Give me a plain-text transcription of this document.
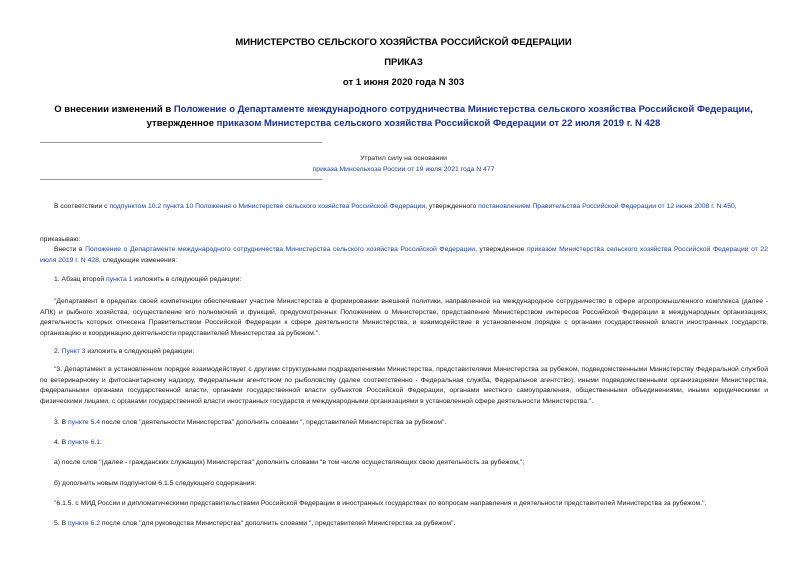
МИНИСТЕРСТВО СЕЛЬСКОГО ХОЗЯЙСТВА РОССИЙСКОЙ ФЕДЕРАЦИИ
ПРИКАЗ
от 1 июня 2020 года N 303
О внесении изменений в Положение о Департаменте международного сотрудничества Министерства сельского хозяйства Российской Федерации, утвержденное приказом Министерства сельского хозяйства Российской Федерации от 22 июля 2019 г. N 428
Утратил силу на основании
приказа Минсельхоза России от 19 июля 2021 года N 477
В соответствии с подпунктом 10.2 пункта 10 Положения о Министерстве сельского хозяйства Российской Федерации, утвержденного постановлением Правительства Российской Федерации от 12 июня 2008 г. N 450,
приказываю:
Внести в Положение о Департаменте международного сотрудничества Министерства сельского хозяйства Российской Федерации, утвержденное приказом Министерства сельского хозяйства Российской Федерации от 22 июля 2019 г. N 428, следующие изменения:
1. Абзац второй пункта 1 изложить в следующей редакции:
"Департамент в пределах своей компетенции обеспечивает участие Министерства в формировании внешней политики, направленной на международное сотрудничество в сфере агропромышленного комплекса (далее - АПК) и рыбного хозяйства, осуществление его полномочий и функций, предусмотренных Положением о Министерстве, представление Министерством интересов Российской Федерации в международных организациях, деятельность которых отнесена Правительством Российской Федерации к сфере деятельности Министерства, и взаимодействие в установленном порядке с органами государственной власти иностранных государств, организацию и координацию деятельности представителей Министерства за рубежом.".
2. Пункт 3 изложить в следующей редакции:
"3. Департамент в установленном порядке взаимодействует с другими структурными подразделениями Министерства, представителями Министерства за рубежом, подведомственными Министерству Федеральной службой по ветеринарному и фитосанитарному надзору, Федеральным агентством по рыболовству (далее соответственно - Федеральная служба, Федеральное агентство), иными подведомственными организациями Министерства, федеральными органами государственной власти, органами государственной власти субъектов Российской Федерации, органами местного самоуправления, общественными объединениями, иными юридическими и физическими лицами, с органами государственной власти иностранных государств и международными организациями в установленной сфере деятельности Министерства.".
3. В пункте 5.4 после слов "деятельности Министерства" дополнить словами ", представителей Министерства за рубежом".
4. В пункте 6.1:
а) после слов "(далее - гражданских служащих) Министерства" дополнить словами "в том числе осуществляющих свою деятельность за рубежом,";
б) дополнить новым подпунктом 6.1.5 следующего содержания:
"6.1.5. с МИД России и дипломатическими представительствами Российской Федерации в иностранных государствах по вопросам направления и деятельности представителей Министерства за рубежом.".
5. В пункте 6.2 после слов "для руководства Министерства" дополнить словами ", представителей Министерства за рубежом".
